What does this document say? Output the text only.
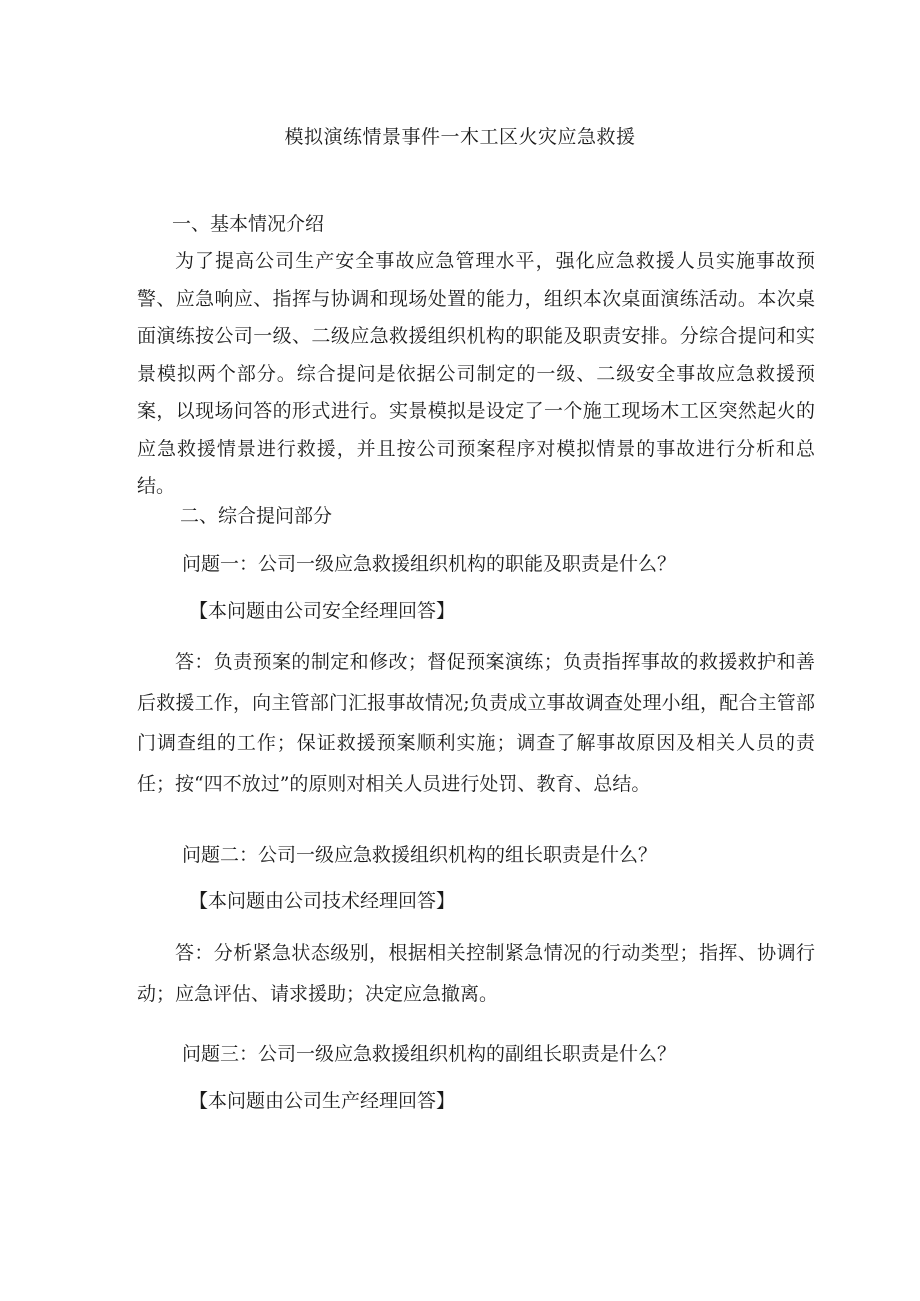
模拟演练情景事件一木工区火灾应急救援
一、基本情况介绍

为了提高公司生产安全事故应急管理水平，强化应急救援人员实施事故预警、应急响应、指挥与协调和现场处置的能力，组织本次桌面演练活动。本次桌面演练按公司一级、二级应急救援组织机构的职能及职责安排。分综合提问和实景模拟两个部分。综合提问是依据公司制定的一级、二级安全事故应急救援预案，以现场问答的形式进行。实景模拟是设定了一个施工现场木工区突然起火的应急救援情景进行救援，并且按公司预案程序对模拟情景的事故进行分析和总结。

二、综合提问部分
问题一：公司一级应急救援组织机构的职能及职责是什么？
【本问题由公司安全经理回答】

答：负责预案的制定和修改；督促预案演练；负责指挥事故的救援救护和善后救援工作，向主管部门汇报事故情况;负责成立事故调查处理小组，配合主管部门调查组的工作；保证救援预案顺利实施；调查了解事故原因及相关人员的责任；按“四不放过”的原则对相关人员进行处罚、教育、总结。

问题二：公司一级应急救援组织机构的组长职责是什么？
【本问题由公司技术经理回答】

答：分析紧急状态级别，根据相关控制紧急情况的行动类型；指挥、协调行动；应急评估、请求援助；决定应急撤离。

问题三：公司一级应急救援组织机构的副组长职责是什么？
【本问题由公司生产经理回答】
